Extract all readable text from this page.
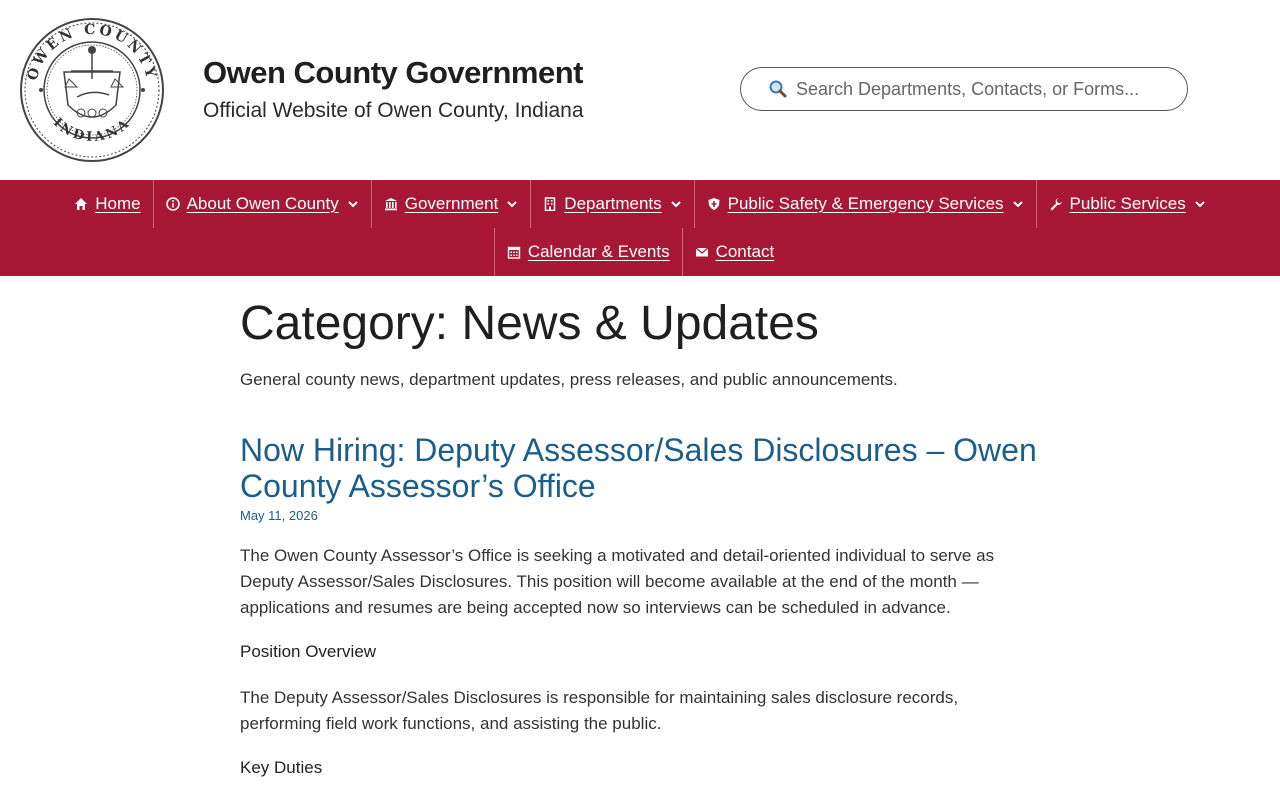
OWEN COUNTY
INDIANA
Owen County Government
Official Website of Owen County, Indiana
Search Departments, Contacts, or Forms...
Home	About Owen County	Government	Departments	Public Safety & Emergency Services	Public Services
Calendar & Events	Contact
Category: News & Updates
General county news, department updates, press releases, and public announcements.
Now Hiring: Deputy Assessor/Sales Disclosures – Owen County Assessor’s Office
May 11, 2026

The Owen County Assessor’s Office is seeking a motivated and detail-oriented individual to serve as Deputy Assessor/Sales Disclosures. This position will become available at the end of the month — applications and resumes are being accepted now so interviews can be scheduled in advance.

Position Overview

The Deputy Assessor/Sales Disclosures is responsible for maintaining sales disclosure records, performing field work functions, and assisting the public.

Key Duties
